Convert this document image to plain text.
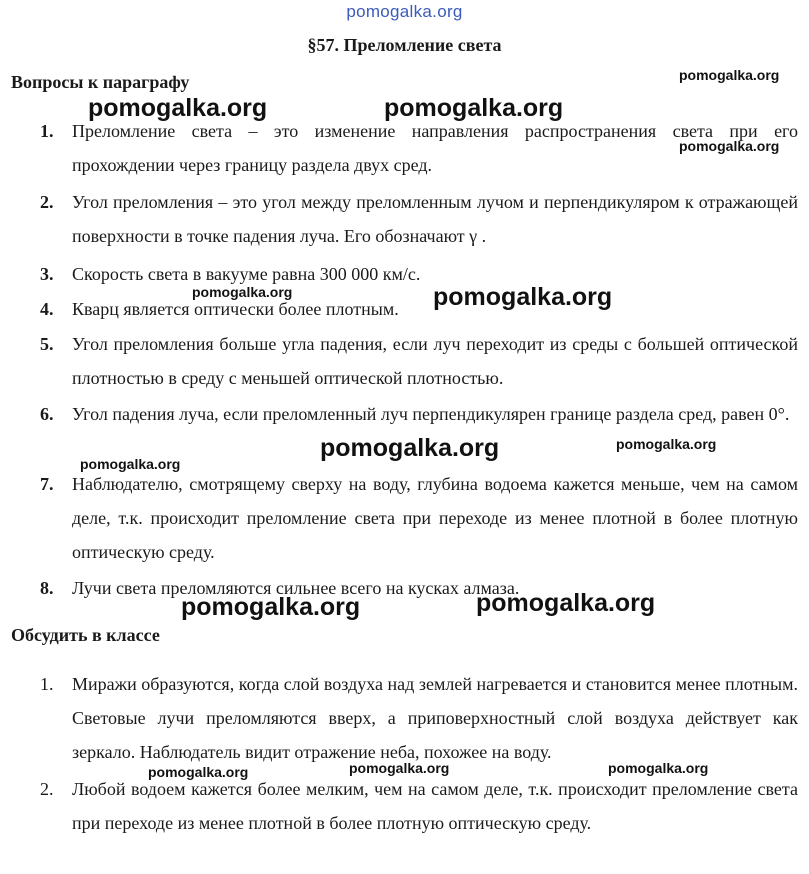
pomogalka.org
§57. Преломление света
Вопросы к параграфу
1. Преломление света – это изменение направления распространения света при его прохождении через границу раздела двух сред.
2. Угол преломления – это угол между преломленным лучом и перпендикуляром к отражающей поверхности в точке падения луча. Его обозначают γ .
3. Скорость света в вакууме равна 300 000 км/с.
4. Кварц является оптически более плотным.
5. Угол преломления больше угла падения, если луч переходит из среды с большей оптической плотностью в среду с меньшей оптической плотностью.
6. Угол падения луча, если преломленный луч перпендикулярен границе раздела сред, равен 0°.
7. Наблюдателю, смотрящему сверху на воду, глубина водоема кажется меньше, чем на самом деле, т.к. происходит преломление света при переходе из менее плотной в более плотную оптическую среду.
8. Лучи света преломляются сильнее всего на кусках алмаза.
Обсудить в классе
1. Миражи образуются, когда слой воздуха над землей нагревается и становится менее плотным. Световые лучи преломляются вверх, а приповерхностный слой воздуха действует как зеркало. Наблюдатель видит отражение неба, похожее на воду.
2. Любой водоем кажется более мелким, чем на самом деле, т.к. происходит преломление света при переходе из менее плотной в более плотную оптическую среду.
pomogalka.org
pomogalka.org	pomogalka.org
pomogalka.org
pomogalka.org	pomogalka.org
pomogalka.org	pomogalka.org
pomogalka.org
pomogalka.org	pomogalka.org
pomogalka.org	pomogalka.org	pomogalka.org
